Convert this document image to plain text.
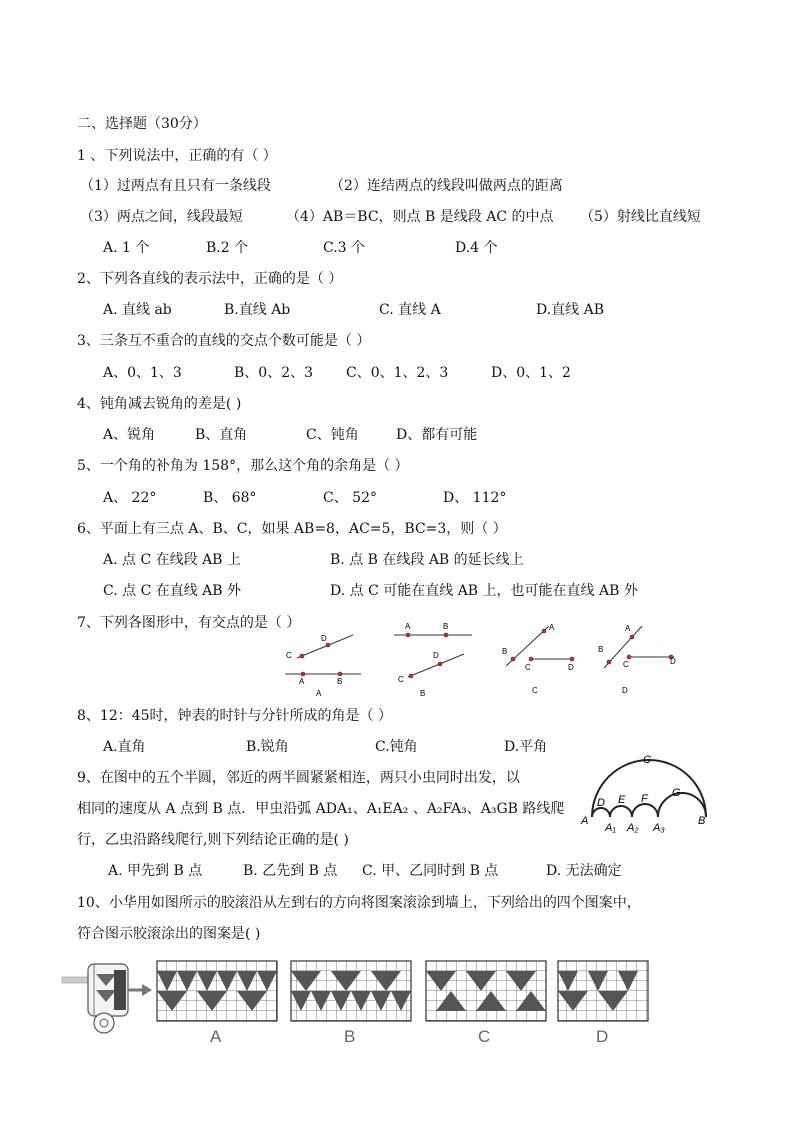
二、选择题（30分）
1 、下列说法中，正确的有（ ）
（1）过两点有且只有一条线段	（2）连结两点的线段叫做两点的距离
（3）两点之间，线段最短	（4）AB＝BC，则点 B 是线段 AC 的中点 （5）射线比直线短
A. 1 个	B.2 个	C.3 个	D.4 个
2、下列各直线的表示法中，正确的是（ ）
A. 直线 ab	B.直线 Ab	C. 直线 A	D.直线 AB
3、三条互不重合的直线的交点个数可能是（ ）
A、0、1、3	B、0、2、3 C、0、1、2、3	D、0、1、2
4、钝角减去锐角的差是( )
A、锐角	B、直角	C、钝角	D、都有可能
5、一个角的补角为 158°，那么这个角的余角是（ ）
A、 22°	B、 68°	C、 52°	D、 112°
6、平面上有三点 A、B、C，如果 AB=8，AC=5，BC=3，则（ ）
A. 点 C 在线段 AB 上	B. 点 B 在线段 AB 的延长线上
C. 点 C 在直线 AB 外	D. 点 C 可能在直线 AB 上，也可能在直线 AB 外
7、下列各图形中，有交点的是（ ）
D
C
A	B
A
A	B
D
C
B
A
B
C	D
C
A
B
C	D
D
8、12：45时，钟表的时针与分针所成的角是（ ）
A.直角	B.锐角	C.钝角	D.平角
9、在图中的五个半圆，邻近的两半圆紧紧相连，两只小虫同时出发，以
相同的速度从 A 点到 B 点．甲虫沿弧 ADA₁、A₁EA₂ 、A₂FA₃、A₃GB 路线爬
行，乙虫沿路线爬行,则下列结论正确的是( )
C
A
D
A₁
E
A₂
F
A₃
G
B
A. 甲先到 B 点	B. 乙先到 B 点 C. 甲、乙同时到 B 点	D. 无法确定
10、小华用如图所示的胶滚沿从左到右的方向将图案滚涂到墙上，下列给出的四个图案中，
符合图示胶滚涂出的图案是( )
A	B	C	D
